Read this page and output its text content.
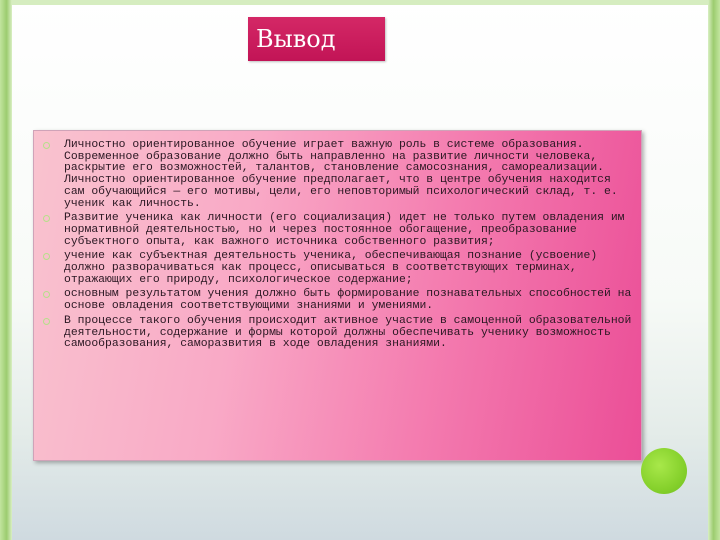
Вывод
Личностно ориентированное обучение играет важную роль в системе образования. Современное образование должно быть направленно на развитие личности человека, раскрытие его возможностей, талантов, становление самосознания, самореализации. Личностно ориентированное обучение предполагает, что в центре обучения находится сам обучающийся — его мотивы, цели, его неповторимый психологический склад, т. е. ученик как личность.
Развитие ученика как личности (его социализация) идет не только путем овладения им нормативной деятельностью, но и через постоянное обогащение, преобразование субъектного опыта, как важного источника собственного развития;
учение как субъектная деятельность ученика, обеспечивающая познание (усвоение) должно разворачиваться как процесс, описываться в соответствующих терминах, отражающих его природу, психологическое содержание;
основным результатом учения должно быть формирование познавательных способностей на основе овладения соответствующими знаниями и умениями.
В процессе такого обучения происходит активное участие в самоценной образовательной деятельности, содержание и формы которой должны обеспечивать ученику возможность самообразования, саморазвития в ходе овладения знаниями.
